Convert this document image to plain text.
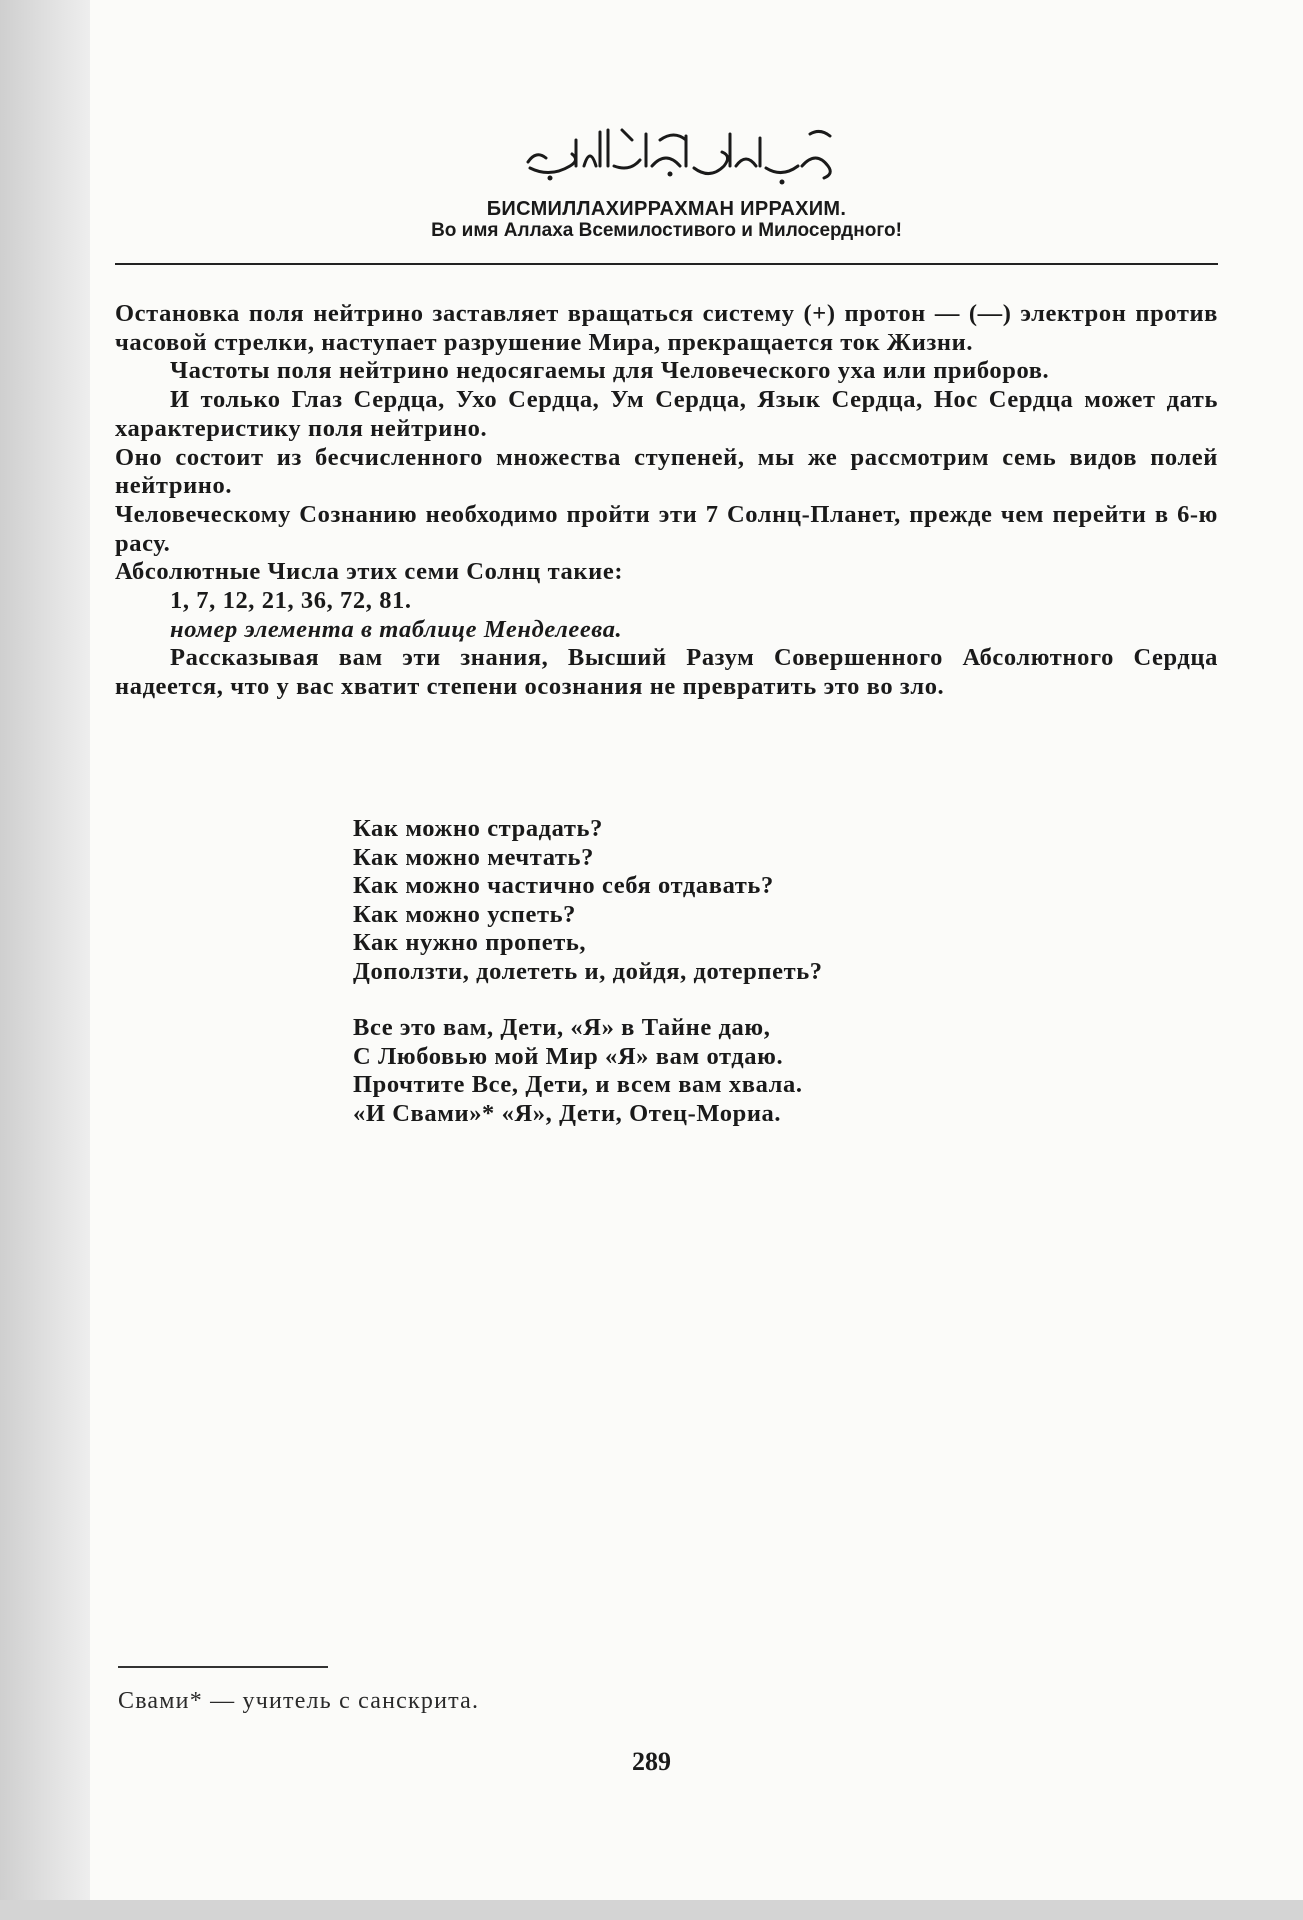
БИСМИЛЛАХИРРАХМАН ИРРАХИМ.
Во имя Аллаха Всемилостивого и Милосердного!

Остановка поля нейтрино заставляет вращаться систему (+) протон — (—) электрон против часовой стрелки, наступает разрушение Мира, прекращается ток Жизни.

Частоты поля нейтрино недосягаемы для Человеческого уха или приборов.

И только Глаз Сердца, Ухо Сердца, Ум Сердца, Язык Сердца, Нос Сердца может дать характеристику поля нейтрино.

Оно состоит из бесчисленного множества ступеней, мы же рассмотрим семь видов полей нейтрино.

Человеческому Сознанию необходимо пройти эти 7 Солнц-Планет, прежде чем перейти в 6-ю расу.

Абсолютные Числа этих семи Солнц такие:

1, 7, 12, 21, 36, 72, 81.

номер элемента в таблице Менделеева.

Рассказывая вам эти знания, Высший Разум Совершенного Абсолютного Сердца надеется, что у вас хватит степени осознания не превратить это во зло.

Как можно страдать?
Как можно мечтать?
Как можно частично себя отдавать?
Как можно успеть?
Как нужно пропеть,
Доползти, долететь и, дойдя, дотерпеть?
Все это вам, Дети, «Я» в Тайне даю,
С Любовью мой Мир «Я» вам отдаю.
Прочтите Все, Дети, и всем вам хвала.
«И Свами»* «Я», Дети, Отец-Мориа.
Свами* — учитель с санскрита.
289
